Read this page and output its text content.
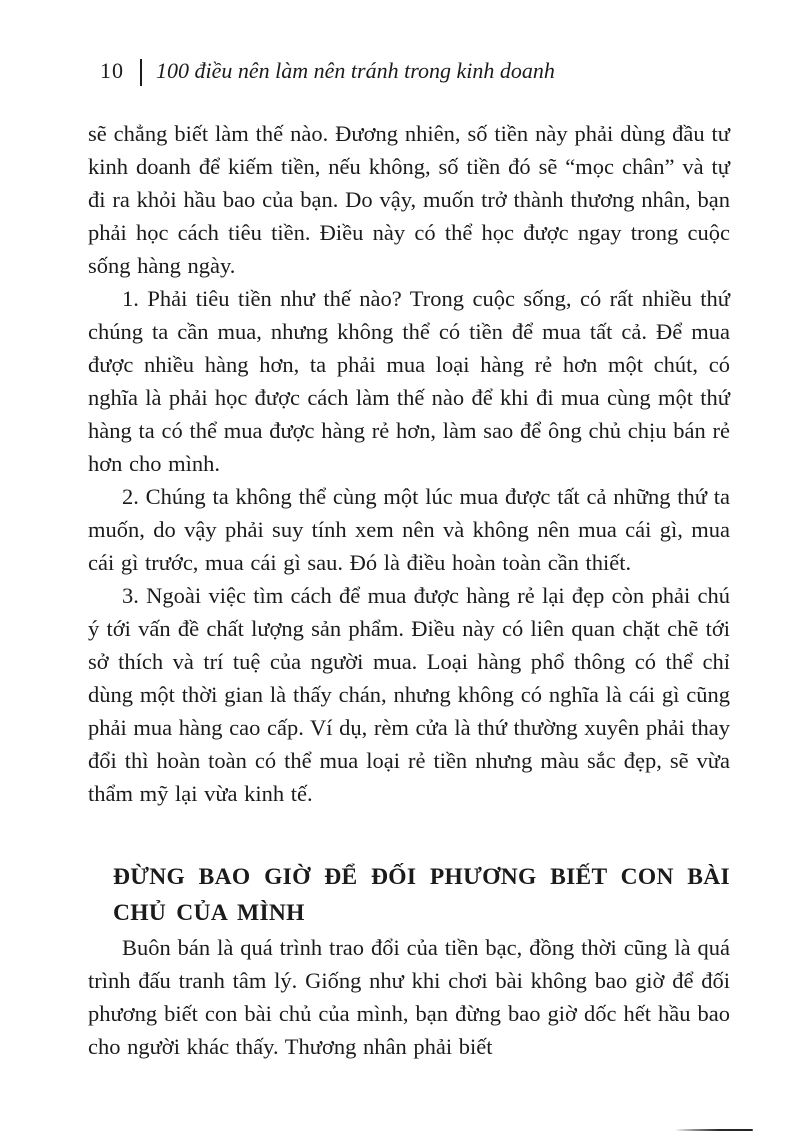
10 100 điều nên làm nên tránh trong kinh doanh

sẽ chẳng biết làm thế nào. Đương nhiên, số tiền này phải dùng đầu tư kinh doanh để kiếm tiền, nếu không, số tiền đó sẽ “mọc chân” và tự đi ra khỏi hầu bao của bạn. Do vậy, muốn trở thành thương nhân, bạn phải học cách tiêu tiền. Điều này có thể học được ngay trong cuộc sống hàng ngày.

1. Phải tiêu tiền như thế nào? Trong cuộc sống, có rất nhiều thứ chúng ta cần mua, nhưng không thể có tiền để mua tất cả. Để mua được nhiều hàng hơn, ta phải mua loại hàng rẻ hơn một chút, có nghĩa là phải học được cách làm thế nào để khi đi mua cùng một thứ hàng ta có thể mua được hàng rẻ hơn, làm sao để ông chủ chịu bán rẻ hơn cho mình.

2. Chúng ta không thể cùng một lúc mua được tất cả những thứ ta muốn, do vậy phải suy tính xem nên và không nên mua cái gì, mua cái gì trước, mua cái gì sau. Đó là điều hoàn toàn cần thiết.

3. Ngoài việc tìm cách để mua được hàng rẻ lại đẹp còn phải chú ý tới vấn đề chất lượng sản phẩm. Điều này có liên quan chặt chẽ tới sở thích và trí tuệ của người mua. Loại hàng phổ thông có thể chỉ dùng một thời gian là thấy chán, nhưng không có nghĩa là cái gì cũng phải mua hàng cao cấp. Ví dụ, rèm cửa là thứ thường xuyên phải thay đổi thì hoàn toàn có thể mua loại rẻ tiền nhưng màu sắc đẹp, sẽ vừa thẩm mỹ lại vừa kinh tế.

ĐỪNG BAO GIỜ ĐỂ ĐỐI PHƯƠNG BIẾT CON BÀI CHỦ CỦA MÌNH

Buôn bán là quá trình trao đổi của tiền bạc, đồng thời cũng là quá trình đấu tranh tâm lý. Giống như khi chơi bài không bao giờ để đối phương biết con bài chủ của mình, bạn đừng bao giờ dốc hết hầu bao cho người khác thấy. Thương nhân phải biết
